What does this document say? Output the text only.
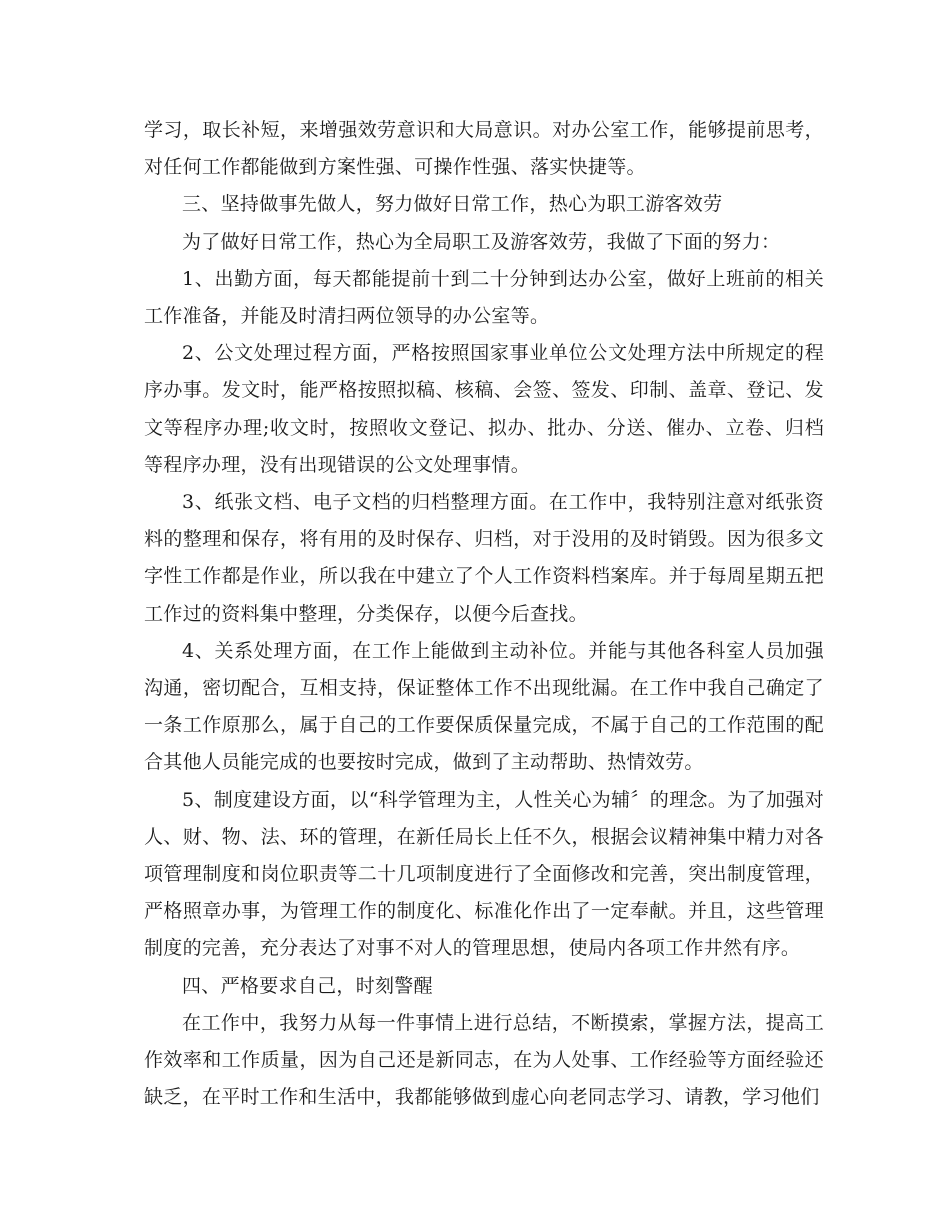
学习，取长补短，来增强效劳意识和大局意识。对办公室工作，能够提前思考，对任何工作都能做到方案性强、可操作性强、落实快捷等。

三、坚持做事先做人，努力做好日常工作，热心为职工游客效劳

为了做好日常工作，热心为全局职工及游客效劳，我做了下面的努力：

1、出勤方面，每天都能提前十到二十分钟到达办公室，做好上班前的相关工作准备，并能及时清扫两位领导的办公室等。

2、公文处理过程方面，严格按照国家事业单位公文处理方法中所规定的程序办事。发文时，能严格按照拟稿、核稿、会签、签发、印制、盖章、登记、发文等程序办理;收文时，按照收文登记、拟办、批办、分送、催办、立卷、归档等程序办理，没有出现错误的公文处理事情。

3、纸张文档、电子文档的归档整理方面。在工作中，我特别注意对纸张资料的整理和保存，将有用的及时保存、归档，对于没用的及时销毁。因为很多文字性工作都是作业，所以我在中建立了个人工作资料档案库。并于每周星期五把工作过的资料集中整理，分类保存，以便今后查找。

4、关系处理方面，在工作上能做到主动补位。并能与其他各科室人员加强沟通，密切配合，互相支持，保证整体工作不出现纰漏。在工作中我自己确定了一条工作原那么，属于自己的工作要保质保量完成，不属于自己的工作范围的配合其他人员能完成的也要按时完成，做到了主动帮助、热情效劳。

5、制度建设方面，以“科学管理为主，人性关心为辅〞的理念。为了加强对人、财、物、法、环的管理，在新任局长上任不久，根据会议精神集中精力对各项管理制度和岗位职责等二十几项制度进行了全面修改和完善，突出制度管理，严格照章办事，为管理工作的制度化、标准化作出了一定奉献。并且，这些管理制度的完善，充分表达了对事不对人的管理思想，使局内各项工作井然有序。

四、严格要求自己，时刻警醒

在工作中，我努力从每一件事情上进行总结，不断摸索，掌握方法，提高工作效率和工作质量，因为自己还是新同志，在为人处事、工作经验等方面经验还缺乏，在平时工作和生活中，我都能够做到虚心向老同志学习、请教，学习他们
